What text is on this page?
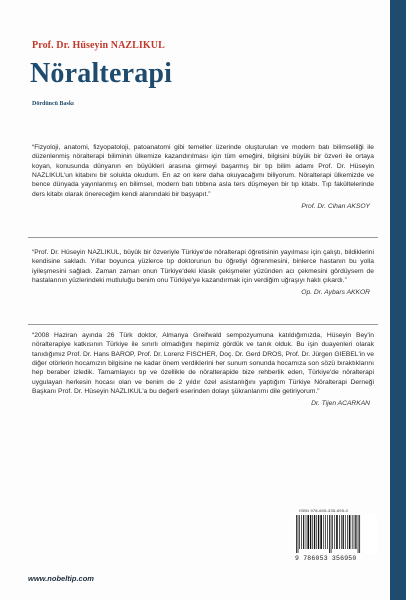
Prof. Dr. Hüseyin NAZLIKUL
Nöralterapi
Dördüncü Baskı

“Fizyoloji, anatomi, fizyopatoloji, patoanatomi gibi temeller üzerinde oluşturulan ve modern batı bilimselliği ile düzenlenmiş nöralterapi biliminin ülkemize kazandırılması için tüm emeğini, bilgisini büyük bir özveri ile ortaya koyan, konusunda dünyanın en büyükleri arasına girmeyi başarmış bir tıp bilim adamı Prof. Dr. Hüseyin NAZLIKUL'un kitabını bir solukta okudum. En az on kere daha okuyacağımı biliyorum. Nöralterapi ülkemizde ve bence dünyada yayınlanmış en bilimsel, modern batı tıbbına asla ters düşmeyen bir tıp kitabı. Tıp fakültelerinde ders kitabı olarak önereceğim kendi alanındaki bir başyapıt.”

Prof. Dr. Cihan AKSOY

“Prof. Dr. Hüseyin NAZLIKUL, büyük bir özveriyle Türkiye'de nöralterapi öğretisinin yayılması için çalıştı, bildiklerini kendisine sakladı. Yıllar boyunca yüzlerce tıp doktorunun bu öğretiyi öğrenmesini, binlerce hastanın bu yolla iyileşmesini sağladı. Zaman zaman onun Türkiye'deki klasik çekişmeler yüzünden acı çekmesini gördüysem de hastalarının yüzlerindeki mutluluğu benim onu Türkiye'ye kazandırmak için verdiğim uğraşıyı haklı çıkardı.”

Op. Dr. Aybars AKKOR

“2008 Haziran ayında 26 Türk doktor, Almanya Greifwald sempozyumuna katıldığımızda, Hüseyin Bey'in nöralterapiye katkısının Türkiye ile sınırlı olmadığını hepimiz gördük ve tanık olduk. Bu işin duayenleri olarak tanıdığımız Prof. Dr. Hans BAROP, Prof. Dr. Lorenz FISCHER, Doç. Dr. Gerd DROS, Prof. Dr. Jürgen GIEBEL'in ve diğer otörlerin hocamızın bilgisine ne kadar önem verdiklerini her sunum sonunda hocamıza son sözü bıraktıklarını hep beraber izledik. Tamamlayıcı tıp ve özellikle de nöralterapide bize rehberlik eden, Türkiye'de nöralterapi uygulayan herkesin hocası olan ve benim de 2 yıldır özel asistanlığını yaptığım Türkiye Nöralterapi Derneği Başkanı Prof. Dr. Hüseyin NAZLIKUL'a bu değerli eserinden dolayı şükranlarımı dile getiriyorum.”

Dr. Tijen ACARKAN

ISBN 978-605-335-695-0
9 786053 356950
www.nobeltip.com
